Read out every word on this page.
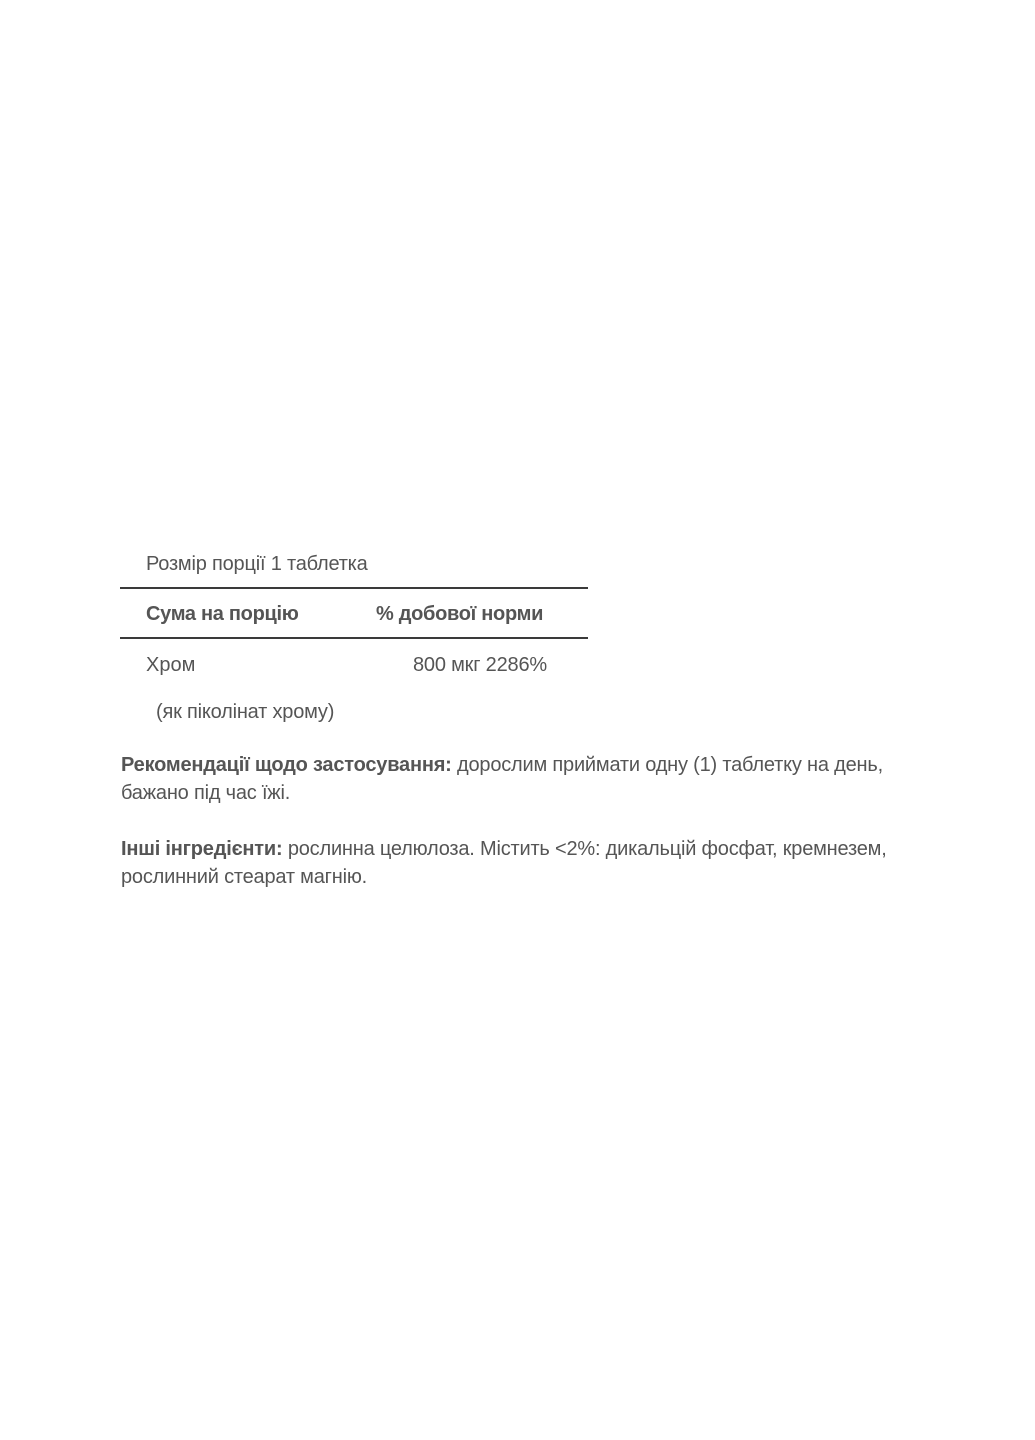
Розмір порції 1 таблетка
Сума на порцію	% добової норми
Хром	800 мкг 2286%
(як піколінат хрому)
Рекомендації щодо застосування: дорослим приймати одну (1) таблетку на день, бажано під час їжі.
Інші інгредієнти: рослинна целюлоза. Містить <2%: дикальцій фосфат, кремнезем, рослинний стеарат магнію.
